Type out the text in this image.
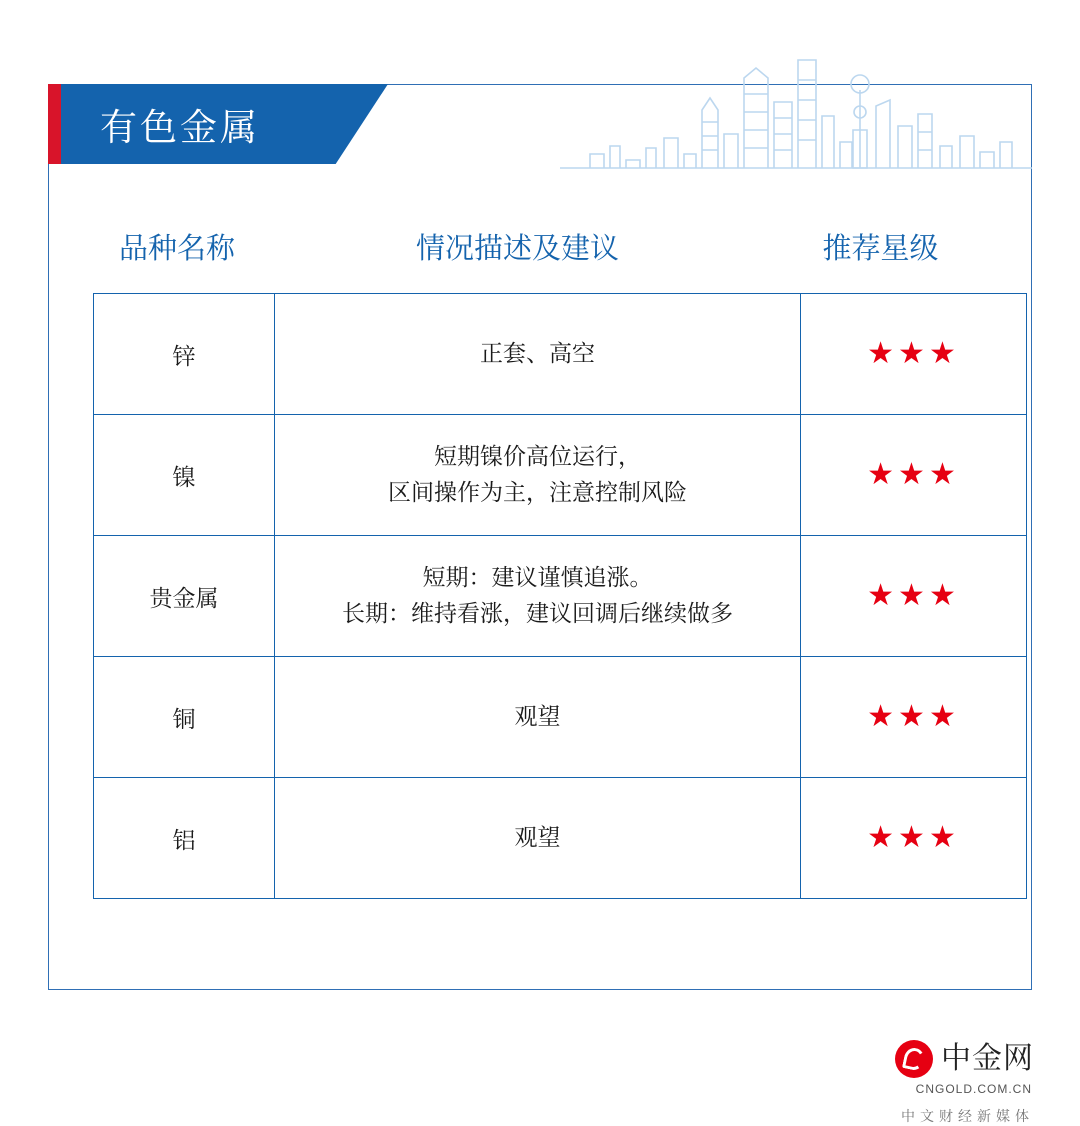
有色金属
品种名称	情况描述及建议	推荐星级
锌	正套、高空	★★★
镍	短期镍价高位运行，
区间操作为主，注意控制风险	★★★
贵金属	短期：建议谨慎追涨。
长期：维持看涨，建议回调后继续做多	★★★
铜	观望	★★★
铝	观望	★★★
中金网
CNGOLD.COM.CN
中文财经新媒体
